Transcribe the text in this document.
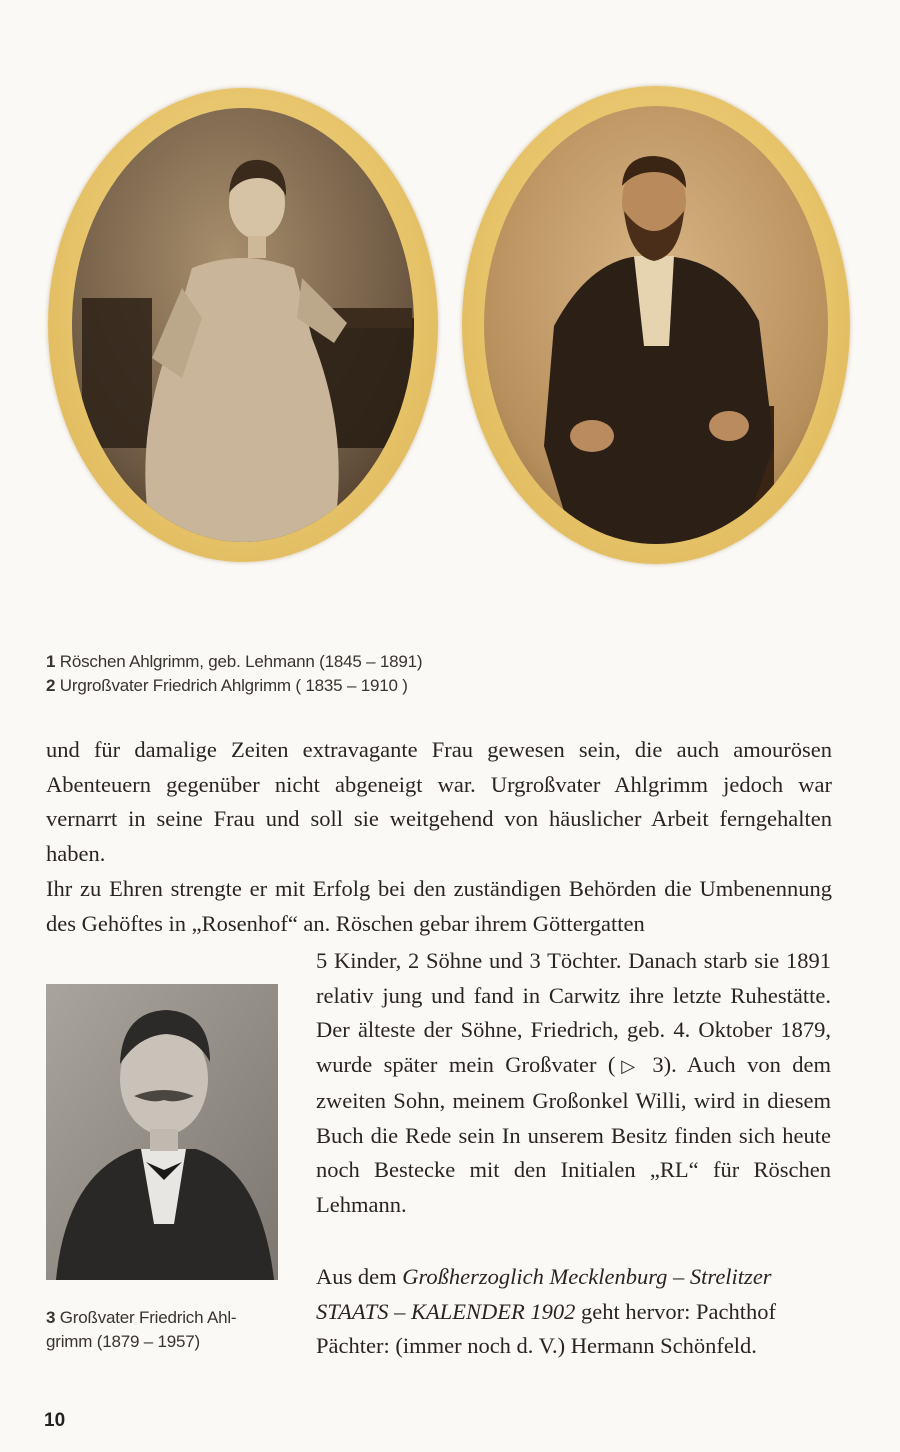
1 Röschen Ahlgrimm, geb. Lehmann (1845 – 1891)
2 Urgroßvater Friedrich Ahlgrimm ( 1835 – 1910 )

und für damalige Zeiten extravagante Frau gewesen sein, die auch amourösen Abenteuern gegenüber nicht abgeneigt war. Urgroßvater Ahlgrimm jedoch war vernarrt in seine Frau und soll sie weitgehend von häuslicher Arbeit ferngehalten haben.

Ihr zu Ehren strengte er mit Erfolg bei den zuständigen Behörden die Umbenennung des Gehöftes in „Rosenhof“ an. Röschen gebar ihrem Göttergatten

5 Kinder, 2 Söhne und 3 Töchter. Danach starb sie 1891 relativ jung und fand in Carwitz ihre letzte Ruhestätte. Der älteste der Söhne, Friedrich, geb. 4. Oktober 1879, wurde später mein Großvater (▷ 3). Auch von dem zweiten Sohn, meinem Großonkel Willi, wird in diesem Buch die Rede sein In unserem Besitz finden sich heute noch Bestecke mit den Initialen „RL“ für Röschen Lehmann.

Aus dem Großherzoglich Mecklenburg – Strelitzer STAATS – KALENDER 1902 geht hervor: Pachthof Pächter: (immer noch d. V.) Hermann Schönfeld.

3 Großvater Friedrich Ahl-
grimm (1879 – 1957)
10
